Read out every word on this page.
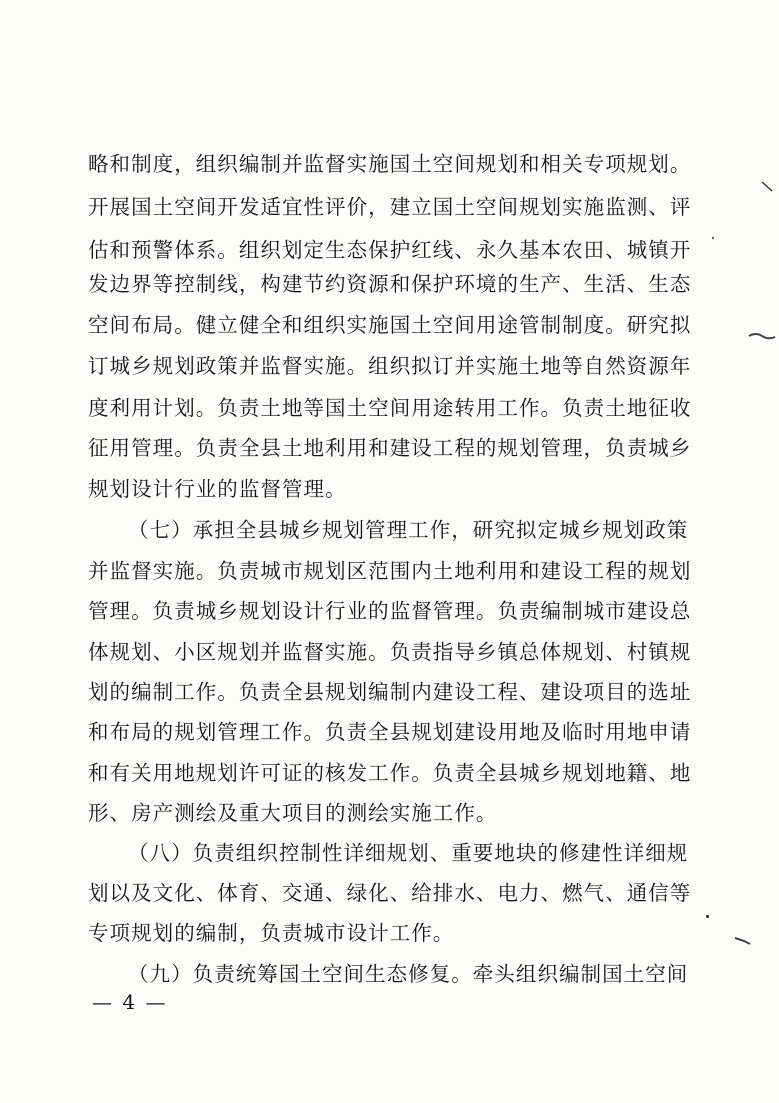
略和制度，组织编制并监督实施国土空间规划和相关专项规划。
开展国土空间开发适宜性评价，建立国土空间规划实施监测、评
估和预警体系。组织划定生态保护红线、永久基本农田、城镇开
发边界等控制线，构建节约资源和保护环境的生产、生活、生态
空间布局。健立健全和组织实施国土空间用途管制制度。研究拟
订城乡规划政策并监督实施。组织拟订并实施土地等自然资源年
度利用计划。负责土地等国土空间用途转用工作。负责土地征收
征用管理。负责全县土地利用和建设工程的规划管理，负责城乡
规划设计行业的监督管理。
（七）承担全县城乡规划管理工作，研究拟定城乡规划政策
并监督实施。负责城市规划区范围内土地利用和建设工程的规划
管理。负责城乡规划设计行业的监督管理。负责编制城市建设总
体规划、小区规划并监督实施。负责指导乡镇总体规划、村镇规
划的编制工作。负责全县规划编制内建设工程、建设项目的选址
和布局的规划管理工作。负责全县规划建设用地及临时用地申请
和有关用地规划许可证的核发工作。负责全县城乡规划地籍、地
形、房产测绘及重大项目的测绘实施工作。
（八）负责组织控制性详细规划、重要地块的修建性详细规
划以及文化、体育、交通、绿化、给排水、电力、燃气、通信等
专项规划的编制，负责城市设计工作。
（九）负责统筹国土空间生态修复。牵头组织编制国土空间
— 4 —
